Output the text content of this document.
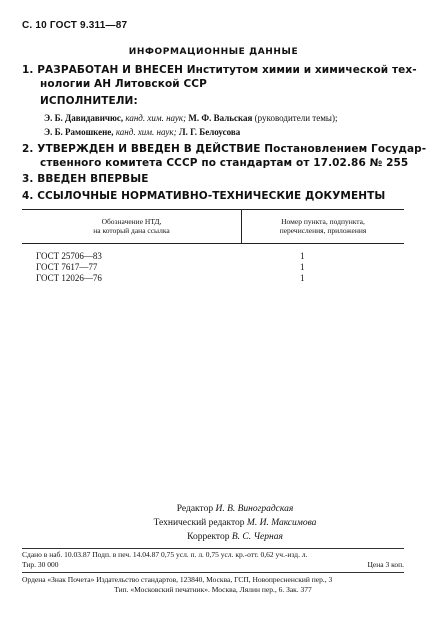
С. 10 ГОСТ 9.311—87
ИНФОРМАЦИОННЫЕ ДАННЫЕ
1. РАЗРАБОТАН И ВНЕСЕН Институтом химии и химической тех-
нологии АН Литовской ССР
ИСПОЛНИТЕЛИ:
Э. Б. Давидавичюс, канд. хим. наук; М. Ф. Вальская (руководители темы);
Э. Б. Рамошкене, канд. хим. наук; Л. Г. Белоусова
2. УТВЕРЖДЕН И ВВЕДЕН В ДЕЙСТВИЕ Постановлением Государ-
ственного комитета СССР по стандартам от 17.02.86 № 255
3. ВВЕДЕН ВПЕРВЫЕ
4. ССЫЛОЧНЫЕ НОРМАТИВНО-ТЕХНИЧЕСКИЕ ДОКУМЕНТЫ
Обозначение НТД,
на который дана ссылка
Номер пункта, подпункта,
перечисления, приложения
ГОСТ 25706—83	1
ГОСТ 7617—77	1
ГОСТ 12026—76	1
Редактор И. В. Виноградская
Технический редактор М. И. Максимова
Корректор В. С. Черная
Сдано в наб. 10.03.87 Подп. в печ. 14.04.87 0,75 усл. п. л. 0,75 усл. кр.-отт. 0,62 уч.-изд. л.
Тир. 30 000	Цена 3 коп.
Ордена «Знак Почета» Издательство стандартов, 123840, Москва, ГСП, Новопресненский пер., 3
Тип. «Московский печатник». Москва, Лялин пер., 6. Зак. 377
